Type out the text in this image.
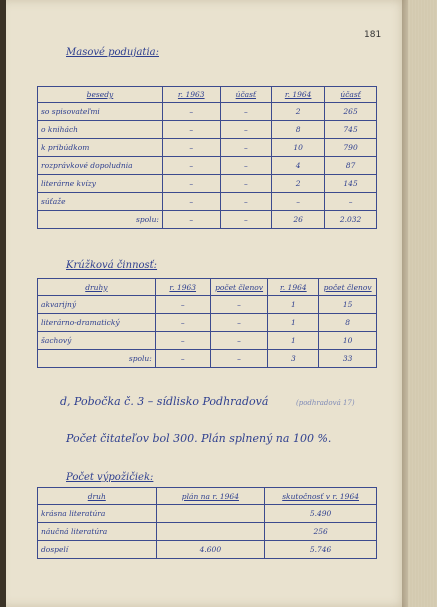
181
Masové podujatia:
besedy	r. 1963	účasť	r. 1964	účasť
so spisovateľmi	–	–	2	265
o knihách	–	–	8	745
k pribúdkom	–	–	10	790
rozprávkové dopoludnia	–	–	4	87
literárne kvízy	–	–	2	145
súťaže	–	–	–	–
spolu:	–	–	26	2.032
Krúžková činnosť:
druhy	r. 1963	počet členov	r. 1964	počet členov
akvarijný	–	–	1	15
literárno-dramatický	–	–	1	8
šachový	–	–	1	10
spolu:	–	–	3	33
d, Pobočka č. 3 – sídlisko Podhradová	(podhradová 17)
Počet čitateľov bol 300. Plán splnený na 100 %.
Počet výpožičiek:
druh	plán na r. 1964	skutočnosť v r. 1964
krásna literatúra		5.490
náučná literatúra		256
dospelí	4.600	5.746
